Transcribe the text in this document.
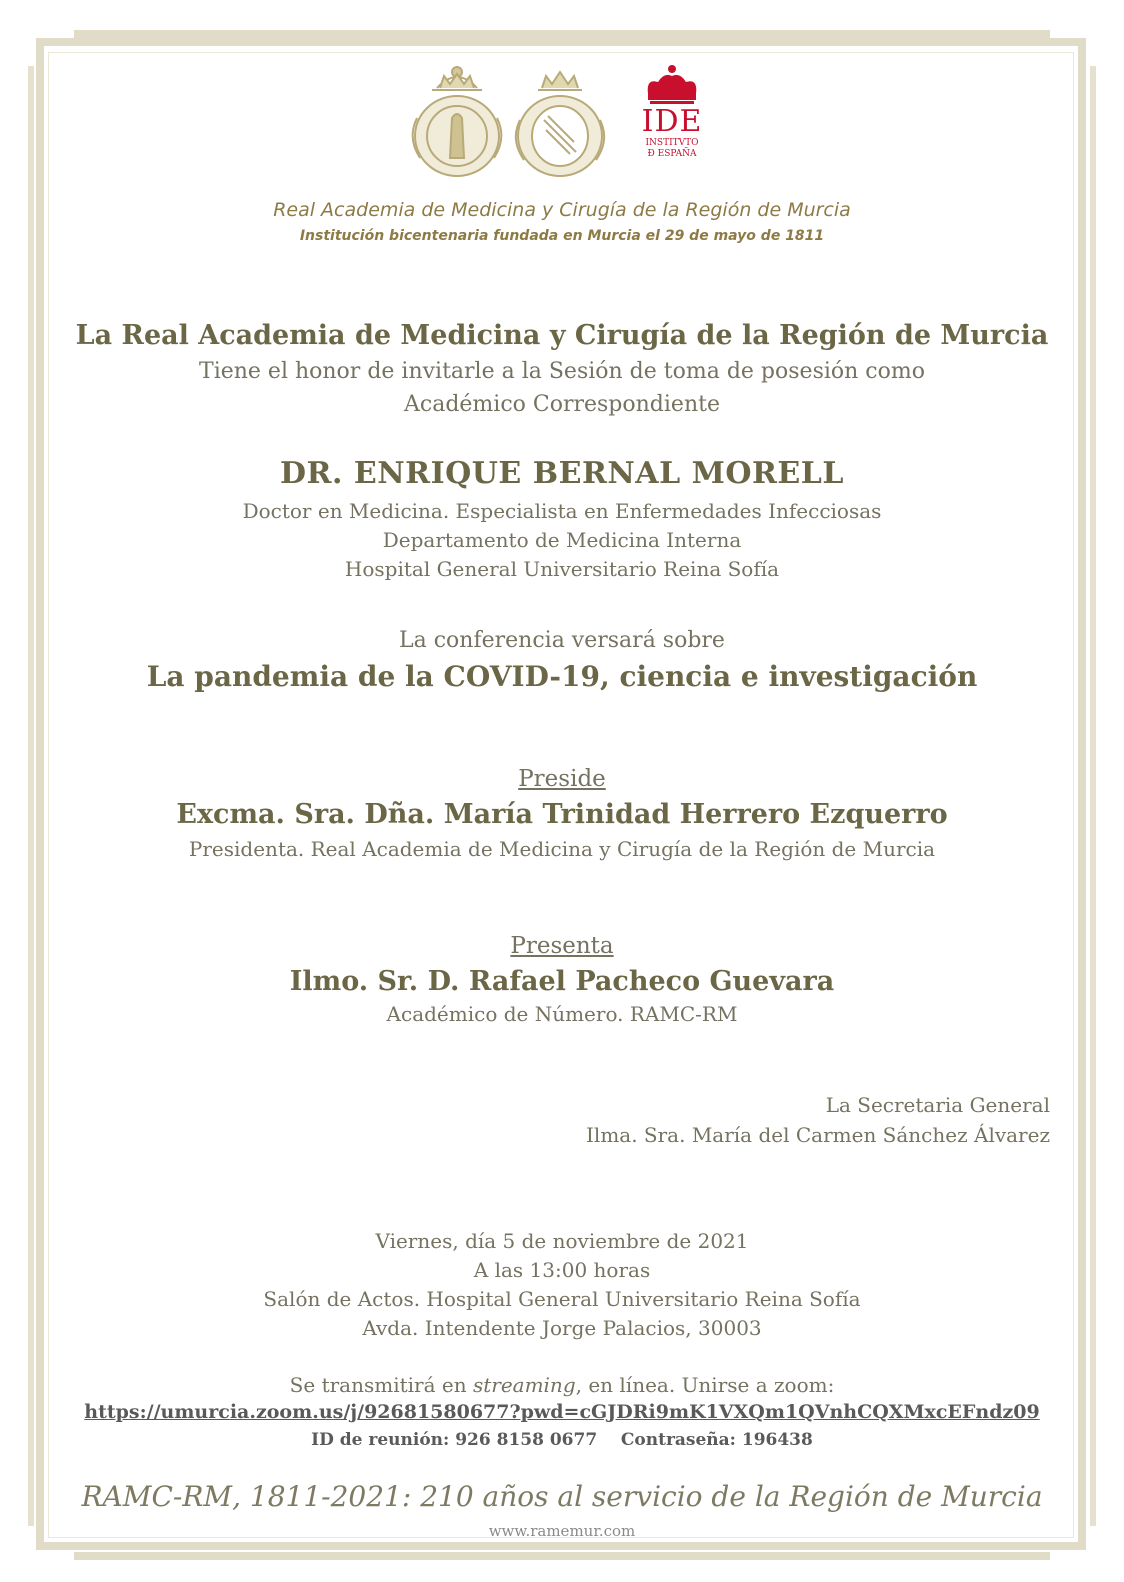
IDE
INSTITVTO
Ð ESPAÑA

Real Academia de Medicina y Cirugía de la Región de Murcia

Institución bicentenaria fundada en Murcia el 29 de mayo de 1811

La Real Academia de Medicina y Cirugía de la Región de Murcia

Tiene el honor de invitarle a la Sesión de toma de posesión como

Académico Correspondiente

DR. ENRIQUE BERNAL MORELL

Doctor en Medicina. Especialista en Enfermedades Infecciosas

Departamento de Medicina Interna

Hospital General Universitario Reina Sofía

La conferencia versará sobre

La pandemia de la COVID-19, ciencia e investigación

Preside

Excma. Sra. Dña. María Trinidad Herrero Ezquerro

Presidenta. Real Academia de Medicina y Cirugía de la Región de Murcia

Presenta

Ilmo. Sr. D. Rafael Pacheco Guevara

Académico de Número. RAMC-RM

La Secretaria General

Ilma. Sra. María del Carmen Sánchez Álvarez

Viernes, día 5 de noviembre de 2021

A las 13:00 horas

Salón de Actos. Hospital General Universitario Reina Sofía

Avda. Intendente Jorge Palacios, 30003

Se transmitirá en streaming, en línea. Unirse a zoom:

https://umurcia.zoom.us/j/92681580677?pwd=cGJDRi9mK1VXQm1QVnhCQXMxcEFndz09

ID de reunión: 926 8158 0677 Contraseña: 196438

RAMC-RM, 1811-2021: 210 años al servicio de la Región de Murcia

www.ramemur.com
